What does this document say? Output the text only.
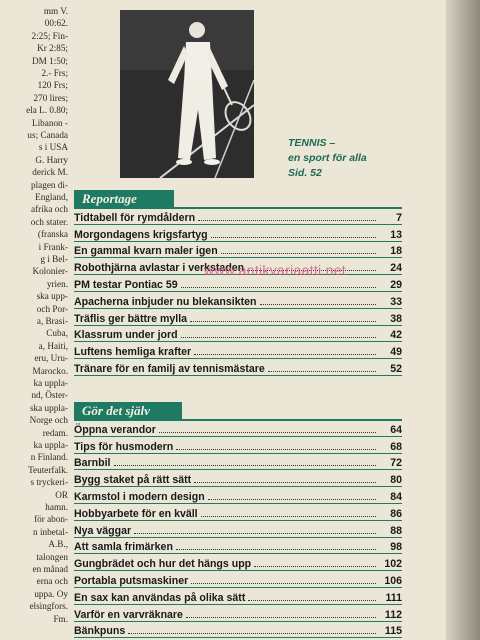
mm V.
00:62.
2:25; Fin-
Kr 2:85;
DM 1:50;
2.- Frs;
120 Frs;
270 lires;
ela L. 0.80;
Libanon -
us; Canada
s i USA
G. Harry
derick M.
plagen di-
England,
afrika och
och stater.
(franska
i Frank-
g i Bel-
Kolonier-
yrien.
ska upp-
och Por-
a, Brasi-
Cuba,
a, Haiti,
eru, Uru-
Marocko.
ka uppla-
nd, Öster-
ska uppla-
Norge och
redam.
ka uppla-
n Finland.
Teuterfalk.
s tryckeri-
OR
hamn.
för abon-
n inbetal-
A.B.,
talongen
en månad
erna och
uppa. Oy
elsingfors.
Fm.
TENNIS –
en sport för alla
Sid. 52
Reportage
Tidtabell för rymdåldern	7
Morgondagens krigsfartyg	13
En gammal kvarn maler igen	18
Robothjärna avlastar i verkstaden	24
PM testar Pontiac 59	29
Apacherna inbjuder nu blekansikten	33
Träflis ger bättre mylla	38
Klassrum under jord	42
Luftens hemliga krafter	49
Tränare för en familj av tennismästare	52
Gör det själv
Öppna verandor	64
Tips för husmodern	68
Barnbil	72
Bygg staket på rätt sätt	80
Karmstol i modern design	84
Hobbyarbete för en kväll	86
Nya väggar	88
Att samla frimärken	98
Gungbrädet och hur det hängs upp	102
Portabla putsmaskiner	106
En sax kan användas på olika sätt	111
Varför en varvräknare	112
Bänkpuns	115
www.antikvariaatti.net
